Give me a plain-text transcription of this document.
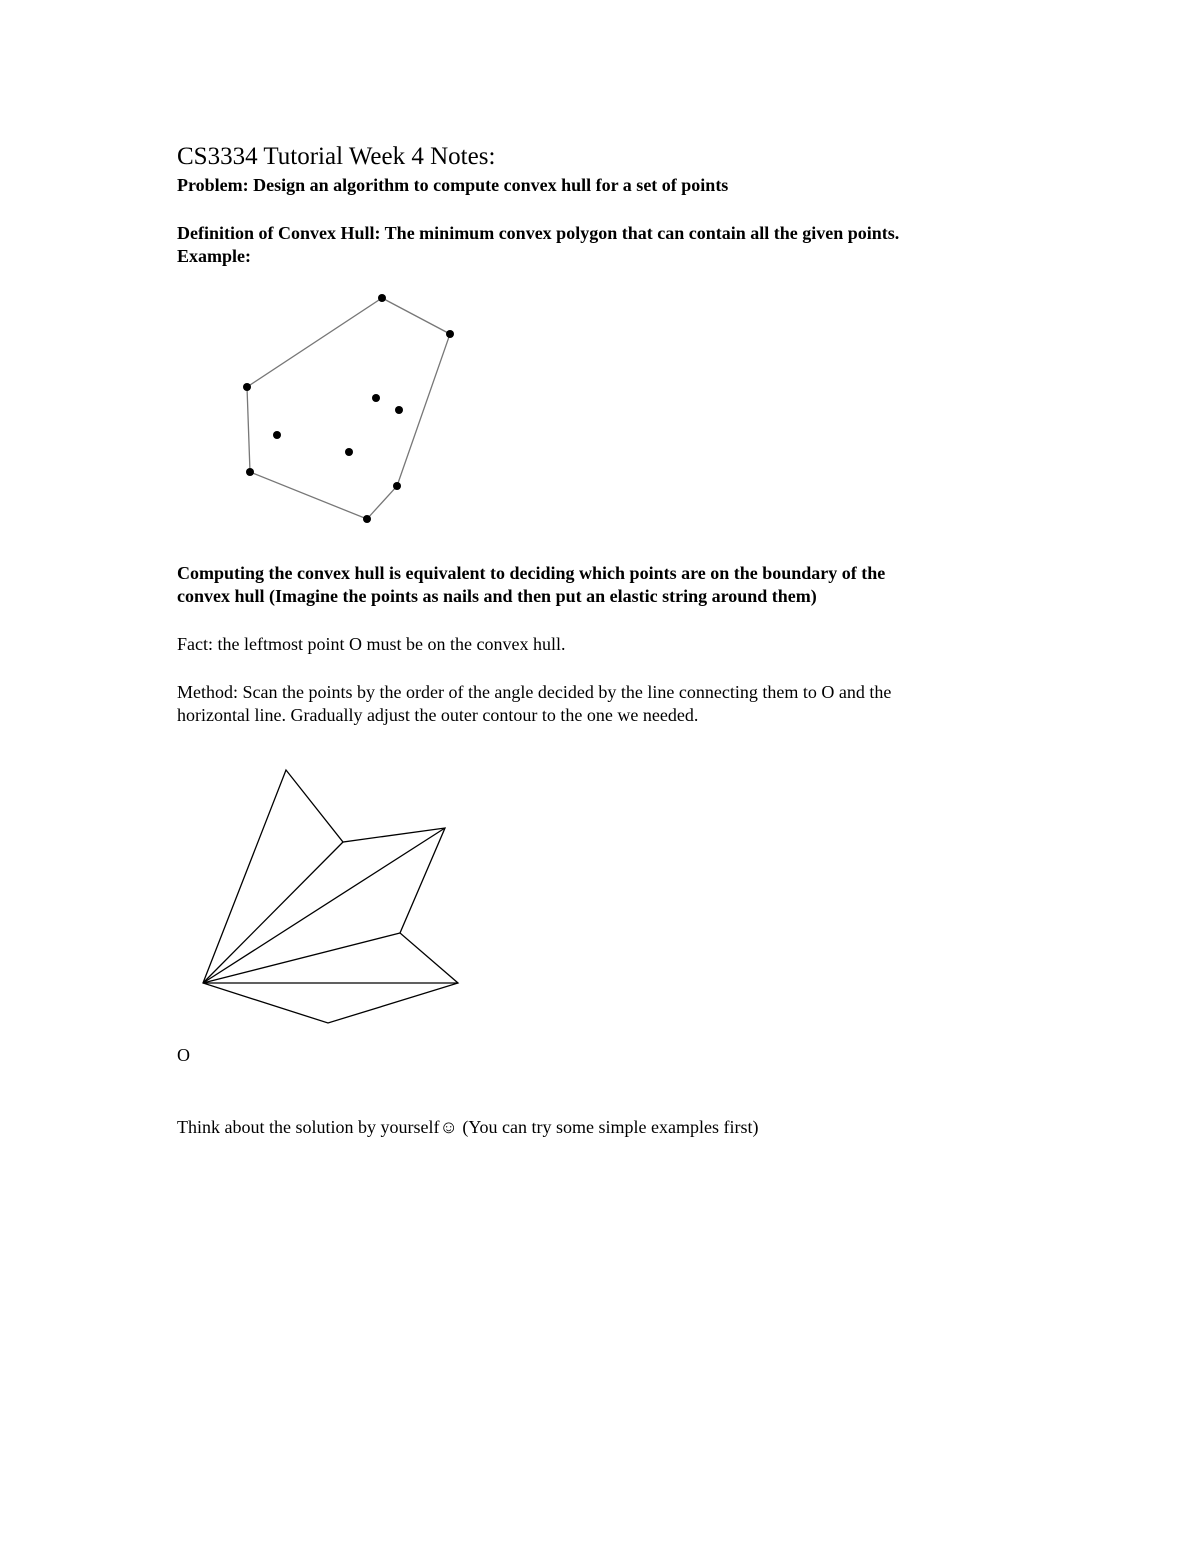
CS3334 Tutorial Week 4 Notes:
Problem: Design an algorithm to compute convex hull for a set of points
Definition of Convex Hull: The minimum convex polygon that can contain all the given points.
Example:
Computing the convex hull is equivalent to deciding which points are on the boundary of the
convex hull (Imagine the points as nails and then put an elastic string around them)
Fact: the leftmost point O must be on the convex hull.
Method: Scan the points by the order of the angle decided by the line connecting them to O and the
horizontal line. Gradually adjust the outer contour to the one we needed.
O
Think about the solution by yourself☺ (You can try some simple examples first)
